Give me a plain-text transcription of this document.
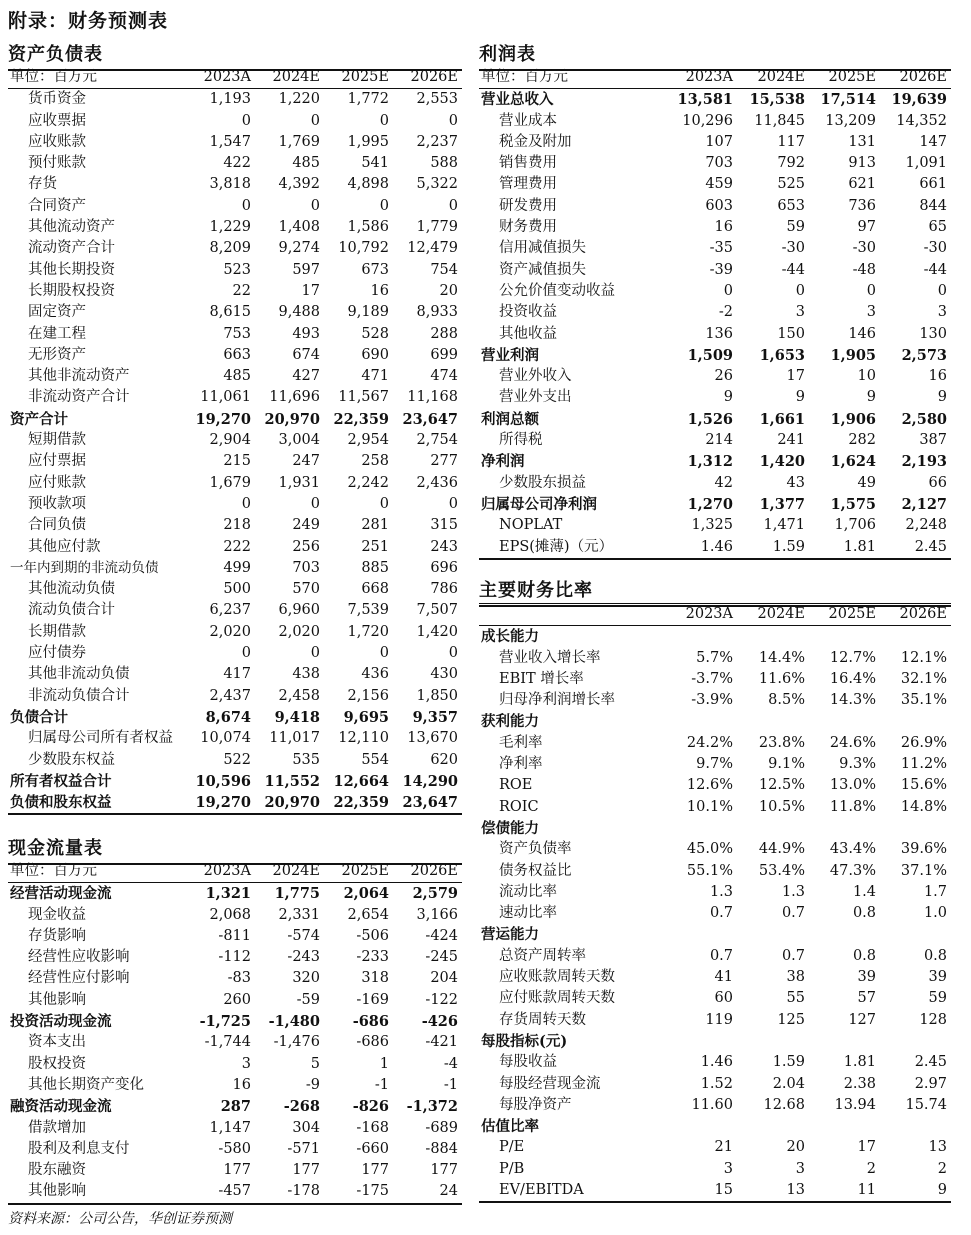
附录：财务预测表
资产负债表
单位：百万元	2023A	2024E	2025E	2026E
货币资金	1,193	1,220	1,772	2,553
应收票据	0	0	0	0
应收账款	1,547	1,769	1,995	2,237
预付账款	422	485	541	588
存货	3,818	4,392	4,898	5,322
合同资产	0	0	0	0
其他流动资产	1,229	1,408	1,586	1,779
流动资产合计	8,209	9,274	10,792	12,479
其他长期投资	523	597	673	754
长期股权投资	22	17	16	20
固定资产	8,615	9,488	9,189	8,933
在建工程	753	493	528	288
无形资产	663	674	690	699
其他非流动资产	485	427	471	474
非流动资产合计	11,061	11,696	11,567	11,168
资产合计	19,270	20,970	22,359	23,647
短期借款	2,904	3,004	2,954	2,754
应付票据	215	247	258	277
应付账款	1,679	1,931	2,242	2,436
预收款项	0	0	0	0
合同负债	218	249	281	315
其他应付款	222	256	251	243
一年内到期的非流动负债	499	703	885	696
其他流动负债	500	570	668	786
流动负债合计	6,237	6,960	7,539	7,507
长期借款	2,020	2,020	1,720	1,420
应付债券	0	0	0	0
其他非流动负债	417	438	436	430
非流动负债合计	2,437	2,458	2,156	1,850
负债合计	8,674	9,418	9,695	9,357
归属母公司所有者权益	10,074	11,017	12,110	13,670
少数股东权益	522	535	554	620
所有者权益合计	10,596	11,552	12,664	14,290
负债和股东权益	19,270	20,970	22,359	23,647
利润表
单位：百万元	2023A	2024E	2025E	2026E
营业总收入	13,581	15,538	17,514	19,639
营业成本	10,296	11,845	13,209	14,352
税金及附加	107	117	131	147
销售费用	703	792	913	1,091
管理费用	459	525	621	661
研发费用	603	653	736	844
财务费用	16	59	97	65
信用减值损失	-35	-30	-30	-30
资产减值损失	-39	-44	-48	-44
公允价值变动收益	0	0	0	0
投资收益	-2	3	3	3
其他收益	136	150	146	130
营业利润	1,509	1,653	1,905	2,573
营业外收入	26	17	10	16
营业外支出	9	9	9	9
利润总额	1,526	1,661	1,906	2,580
所得税	214	241	282	387
净利润	1,312	1,420	1,624	2,193
少数股东损益	42	43	49	66
归属母公司净利润	1,270	1,377	1,575	2,127
NOPLAT	1,325	1,471	1,706	2,248
EPS(摊薄)（元）	1.46	1.59	1.81	2.45
主要财务比率
	2023A	2024E	2025E	2026E
成长能力				
营业收入增长率	5.7%	14.4%	12.7%	12.1%
EBIT 增长率	-3.7%	11.6%	16.4%	32.1%
归母净利润增长率	-3.9%	8.5%	14.3%	35.1%
获利能力				
毛利率	24.2%	23.8%	24.6%	26.9%
净利率	9.7%	9.1%	9.3%	11.2%
ROE	12.6%	12.5%	13.0%	15.6%
ROIC	10.1%	10.5%	11.8%	14.8%
偿债能力				
资产负债率	45.0%	44.9%	43.4%	39.6%
债务权益比	55.1%	53.4%	47.3%	37.1%
流动比率	1.3	1.3	1.4	1.7
速动比率	0.7	0.7	0.8	1.0
营运能力				
总资产周转率	0.7	0.7	0.8	0.8
应收账款周转天数	41	38	39	39
应付账款周转天数	60	55	57	59
存货周转天数	119	125	127	128
每股指标(元)				
每股收益	1.46	1.59	1.81	2.45
每股经营现金流	1.52	2.04	2.38	2.97
每股净资产	11.60	12.68	13.94	15.74
估值比率				
P/E	21	20	17	13
P/B	3	3	2	2
EV/EBITDA	15	13	11	9
现金流量表
单位：百万元	2023A	2024E	2025E	2026E
经营活动现金流	1,321	1,775	2,064	2,579
现金收益	2,068	2,331	2,654	3,166
存货影响	-811	-574	-506	-424
经营性应收影响	-112	-243	-233	-245
经营性应付影响	-83	320	318	204
其他影响	260	-59	-169	-122
投资活动现金流	-1,725	-1,480	-686	-426
资本支出	-1,744	-1,476	-686	-421
股权投资	3	5	1	-4
其他长期资产变化	16	-9	-1	-1
融资活动现金流	287	-268	-826	-1,372
借款增加	1,147	304	-168	-689
股利及利息支付	-580	-571	-660	-884
股东融资	177	177	177	177
其他影响	-457	-178	-175	24
资料来源：公司公告，华创证券预测
